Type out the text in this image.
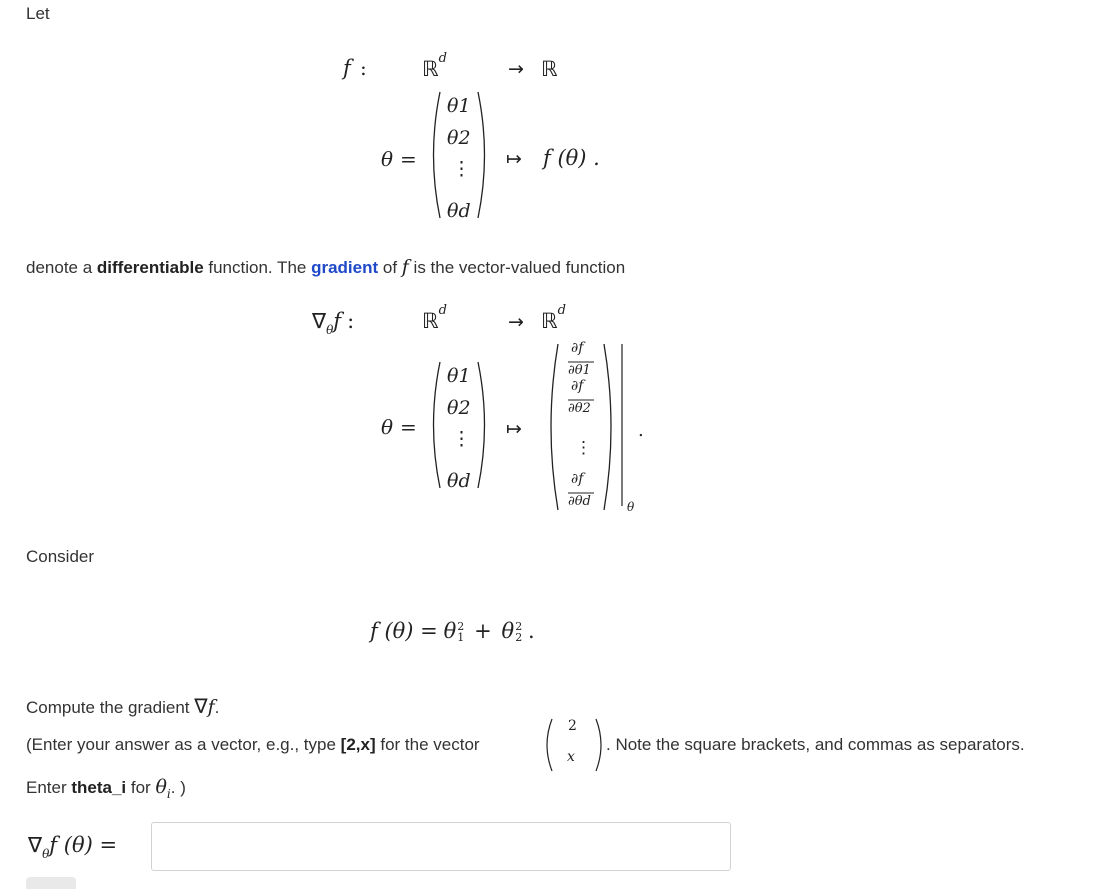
Let
f :	ℝ$^d$	→ ℝ
θ =
θ1
θ2
⋮
θd
↦ f (θ) .
denote a differentiable function. The gradient of f is the vector-valued function
$\nabla_\theta f$ :	ℝ$^d$
→ ℝ$^d$
θ =
θ1
θ2
⋮
θd
↦
∂f
∂θ1
∂f
∂θ2
⋮
∂f
∂θd	θ
.
Consider
f (θ) = θ 2
1 + θ 2
2 .
Compute the gradient ∇f.
(Enter your answer as a vector, e.g., type [2,x] for the vector
2
x
. Note the square brackets, and commas as separators.
Enter theta_i for $\theta_i$. )
$\nabla_\theta f$ (θ) =
